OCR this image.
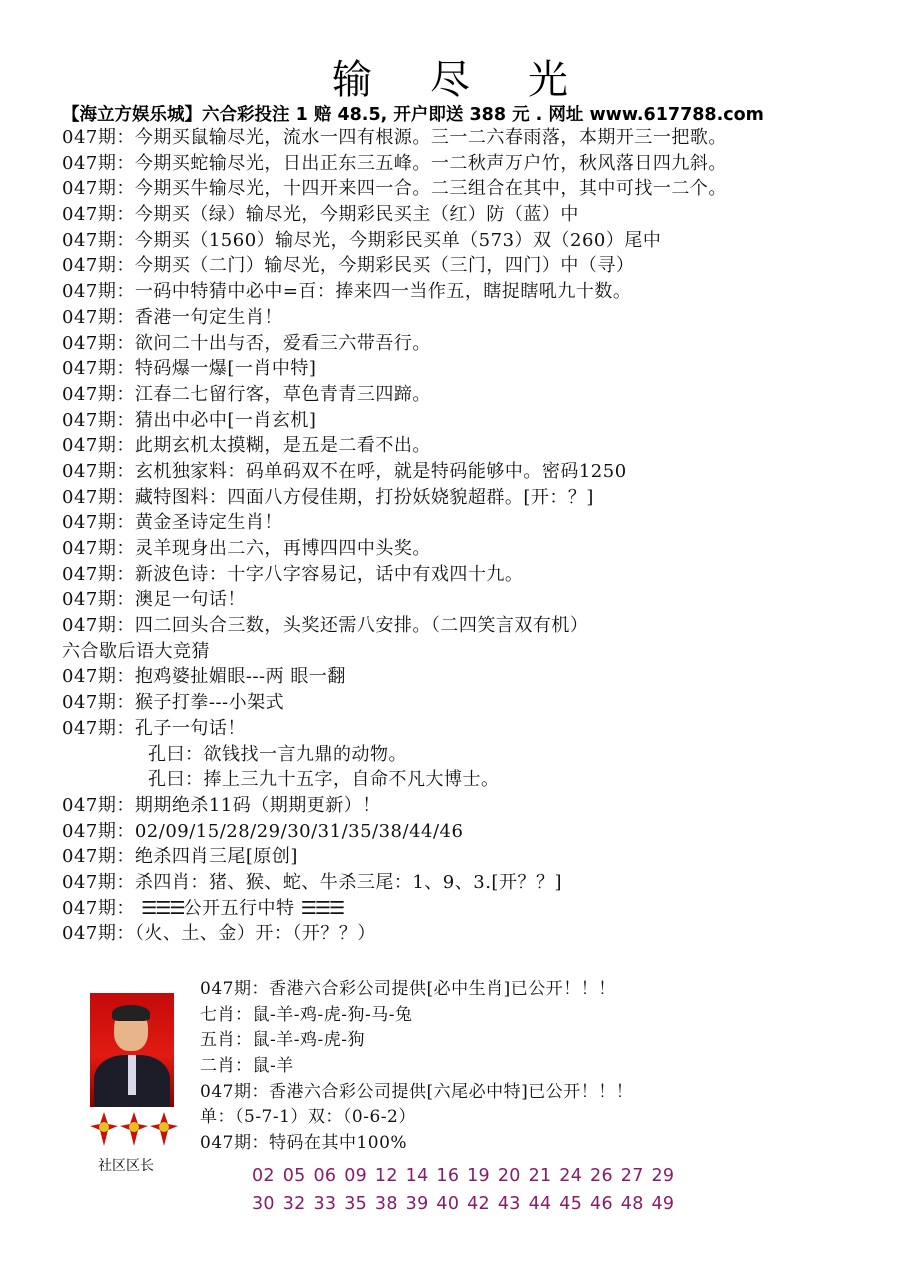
输尽光
【海立方娱乐城】六合彩投注 1 赔 48.5, 开户即送 388 元 . 网址 www.617788.com
047期：今期买鼠输尽光，流水一四有根源。三一二六春雨落，本期开三一把歌。
047期：今期买蛇输尽光，日出正东三五峰。一二秋声万户竹，秋风落日四九斜。
047期：今期买牛输尽光，十四开来四一合。二三组合在其中，其中可找一二个。
047期：今期买（绿）输尽光，今期彩民买主（红）防（蓝）中
047期：今期买（1560）输尽光，今期彩民买单（573）双（260）尾中
047期：今期买（二门）输尽光，今期彩民买（三门，四门）中（寻）
047期：一码中特猜中必中=百：捧来四一当作五，瞎捉瞎吼九十数。
047期：香港一句定生肖！
047期：欲问二十出与否，爱看三六带吾行。
047期：特码爆一爆[一肖中特]
047期：江春二七留行客，草色青青三四蹄。
047期：猜出中必中[一肖玄机]
047期：此期玄机太摸糊，是五是二看不出。
047期：玄机独家料：码单码双不在呼，就是特码能够中。密码1250
047期：藏特图料：四面八方侵佳期，打扮妖娆貌超群。[开：？]
047期：黄金圣诗定生肖！
047期：灵羊现身出二六，再博四四中头奖。
047期：新波色诗：十字八字容易记，话中有戏四十九。
047期：澳足一句话！
047期：四二回头合三数，头奖还需八安排。（二四笑言双有机）
六合歇后语大竞猜
047期：抱鸡婆扯媚眼---两 眼一翻
047期：猴子打拳---小架式
047期：孔子一句话！
孔曰：欲钱找一言九鼎的动物。
孔曰：捧上三九十五字，自命不凡大博士。
047期：期期绝杀11码（期期更新）！
047期：02/09/15/28/29/30/31/35/38/44/46
047期：绝杀四肖三尾[原创]
047期：杀四肖：猪、猴、蛇、牛杀三尾：1、9、3.[开？？]
047期： ☰☰☰公开五行中特 ☰☰☰
047期：（火、土、金）开：（开？？）
社区区长
047期：香港六合彩公司提供[必中生肖]已公开！！！
七肖：鼠-羊-鸡-虎-狗-马-兔
五肖：鼠-羊-鸡-虎-狗
二肖：鼠-羊
047期：香港六合彩公司提供[六尾必中特]已公开！！！
单：（5-7-1）双：（0-6-2）
047期：特码在其中100%
02 05 06 09 12 14 16 19 20 21 24 26 27 29
30 32 33 35 38 39 40 42 43 44 45 46 48 49
